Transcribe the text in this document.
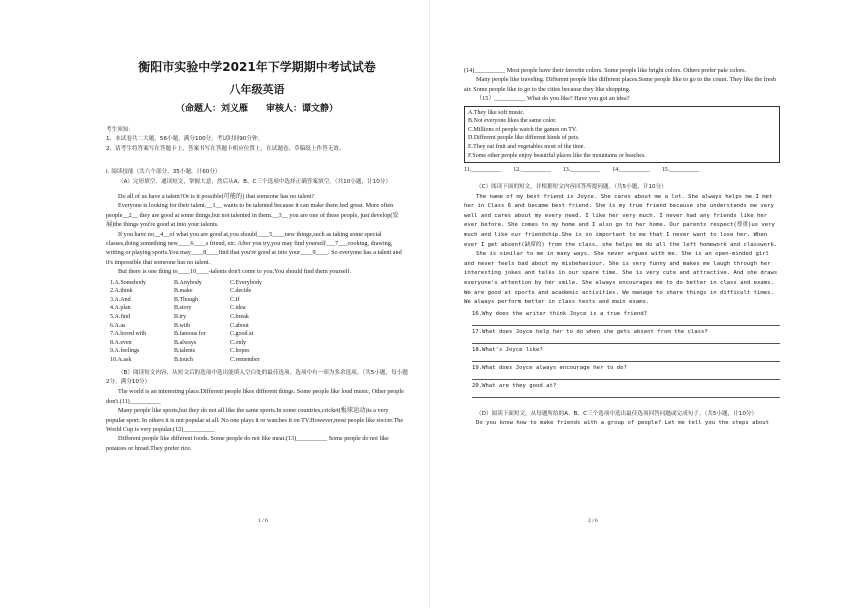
衡阳市实验中学2021年下学期期中考试试卷

八年级英语

（命题人：刘义雁　　审核人：谭文静）

考生须知：

1、本试卷共二大题，56小题，满分100分，考试时间90分钟。

2、请考生将答案写在答题卡上，答案书写在答题卡相应位置上，在试题卷、草稿纸上作答无效。

I. 阅读技能（共六个部分，35小题，计60分）

（A）完形填空。通读短文，掌握大意，然后从A、B、C三个选项中选择正确答案填空。（共10小题，计10分）

Do all of us have a talent?Or is it possible(可能的) that someone has no talent?

Everyone is looking for their talent.__1__ wants to be talented because it can make them feel great. More often people__2__ they are good at some things,but not talented in them.__3__ you are one of these people, just develop(发展)the things you're good at into your talents.

If you have no__4__of what you are good at,you should____5____new things,such as taking some special classes,doing something new____6____s friend, etc. After you try,you may find yourself___7___cooking, drawing, writing or playing sports.You may____8____find that you're good at into your____9____. So everyone has a talent and it's impossible that someone has no talent.

But there is one thing to____10____-talents don't come to you.You should find them yourself.

1.A.Somebody	B.Anybody	C.Everybody
2.A.think	B.make	C.decide
3.A.And	B.Though	C.If
4.A.plan	B.story	C.idea
5.A.find	B.try	C.break
6.A.as	B.with	C.about
7.A.bored with	B.famous for	C.good at
8.A.even	B.always	C.only
9.A.feelings	B.talents	C.hopes
10.A.ask	B.touch	C.remember

（B）阅读短文内容，从短文后的选项中选出能填入空白处的最佳选项。选项中有一项为多余选项。（共5小题，每小题2分，满分10分）

The world is an interesting place.Different people likes different things. Some people like loud music, Other people don't.(11)__________

Many people like sports,but they do not all like the same sports.In some countries,cricket(板球运动)is a very popular sport. In others it is not popular at all. No one plays it or watches it on TV.However,most people like soccer.The World Cup is very popular.(12)__________

Different people like different foods. Some people do not like meat.(13)__________ Some people do not like potatoes or bread.They prefer rice.

1 / 6

(14)__________ Most people have their favorite colors. Some people like bright colors. Others prefer pale colors.

Many people like traveling. Different people like different places.Some people like to go to the count. They like the fresh air. Some people like to go to the cities because they like shopping.

（15）__________ What do you like? Have you got an idea?

A.They like soft music.

B.Not everyone likes the same color.

C.Millions of people watch the games on TV.

D.Different people like different kinds of pets.

E.They eat fruit and vegetables most of the time.

F.Some other people enjoy beautiful places like the mountains or beaches.

11.__________ 12.__________ 13.__________ 14.__________ 15.__________

（C）阅读下面的短文，并根据短文内容回答所提问题。（共5小题，计10分）

The name of my best friend is Joyce. She cares about me a lot. She always helps me.I met her in Class 6 and became best friend. She is my true friend because she understands me very well and cares about my every need. I like her very much. I never had any friends like her ever before. She comes to my home and I also go to her home. Our parents respect(尊重)us very much and like our friendship.She is so important to me that I never want to lose her. When ever I get absent(缺席的) from the class, she helps me do all the left homework and classwork.

She is similar to me in many ways. She never argues with me. She is an open-minded girl and never feels bad about my misbehaviour. She is very funny and makes me laugh through her interesting jokes and talks in our spare time. She is very cute and attractive. And she draws everyone's attention by her smile. She always encourages me to do better in class and exams. We are good at sports and academic activities. We manage to share things in difficult times. We always perform better in class tests and main exams.

16.Why does the writer think Joyce is a true friend?

17.What does Joyce help her to do when she gets absent from the class?

18.What's Joyce like?

19.What does Joyce always encourage her to do?

20.What are they good at?

（D）阅读下面短文，从每题所给的A、B、C三个选项中选出最佳选项回答问题或完成句子。（共5小题，计10分）

Do you know how to make friends with a group of people? Let me tell you the steps about

2 / 6
